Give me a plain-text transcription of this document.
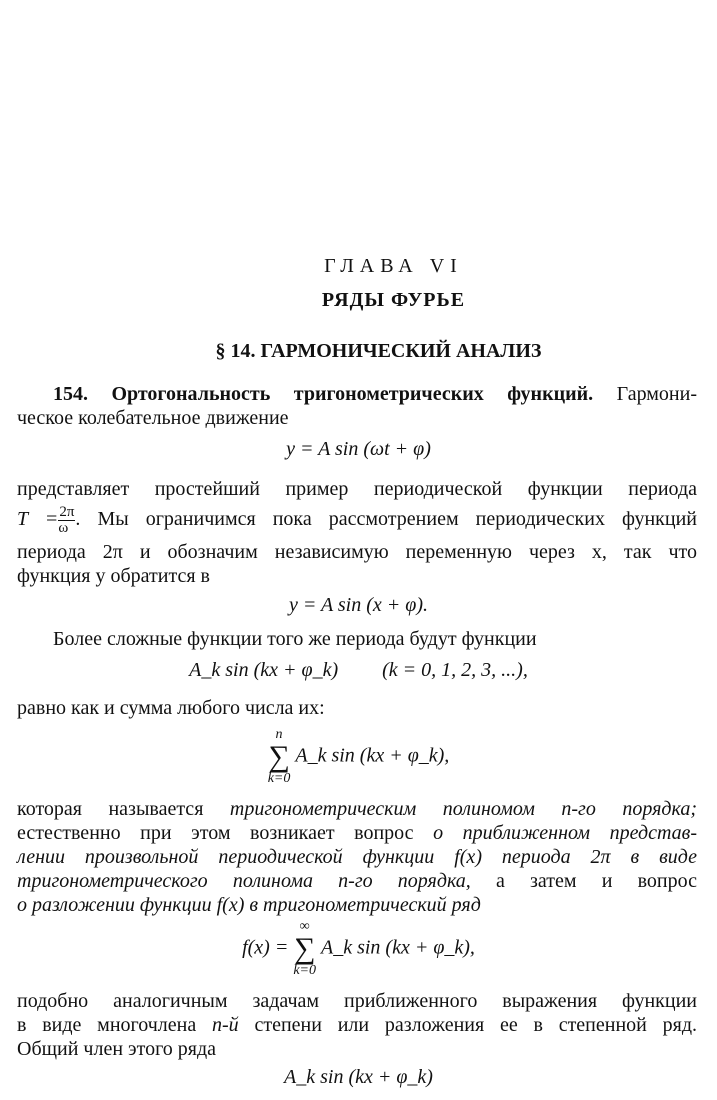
ГЛАВА VI
РЯДЫ ФУРЬЕ
§ 14. ГАРМОНИЧЕСКИЙ АНАЛИЗ
154. Ортогональность тригонометрических функций. Гармони-
ческое колебательное движение
y = A sin (ωt + φ)
представляет простейший пример периодической функции периода
$T = \frac{2\pi}{\omega}$ . Мы ограничимся пока рассмотрением периодических функций
периода 2π и обозначим независимую переменную через x, так что
функция y обратится в
y = A sin (x + φ).
Более сложные функции того же периода будут функции
A_k sin (kx + φ_k) (k = 0, 1, 2, 3, ...),
равно как и сумма любого числа их:
n
∑
k=0
A_k sin (kx + φ_k),
которая называется тригонометрическим полиномом n-го порядка;
естественно при этом возникает вопрос о приближенном представ-
лении произвольной периодической функции f(x) периода 2π в виде
тригонометрического полинома n-го порядка, а затем и вопрос
о разложении функции f(x) в тригонометрический ряд
f(x) =
∞
∑
k=0
A_k sin (kx + φ_k),
подобно аналогичным задачам приближенного выражения функции
в виде многочлена n-й степени или разложения ее в степенной ряд.
Общий член этого ряда
A_k sin (kx + φ_k)
